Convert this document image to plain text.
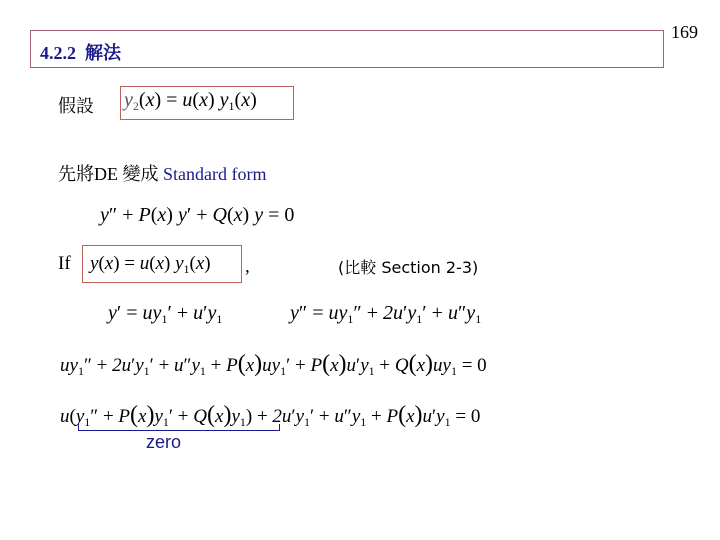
169
4.2.2 解法
假設 $y_2(x) = u(x)$ $y_1(x)$
先將DE 變成 Standard form
y″ + P(x) y′ + Q(x) y = 0
If y(x) = u(x) $y_1(x)$ ,	(比較 Section 2-3)
$y' = uy_1' + u'y_1$	$y'' = uy_1'' + 2u'y_1' + u''y_1$
$uy_1'' + 2u'y_1' + u''y_1 + P(x)uy_1' + P(x)u'y_1 + Q(x)uy_1 = 0$
$u(y_1'' + P(x)y_1' + Q(x)y_1) + 2u'y_1' + u''y_1 + P(x)u'y_1 = 0$
zero
